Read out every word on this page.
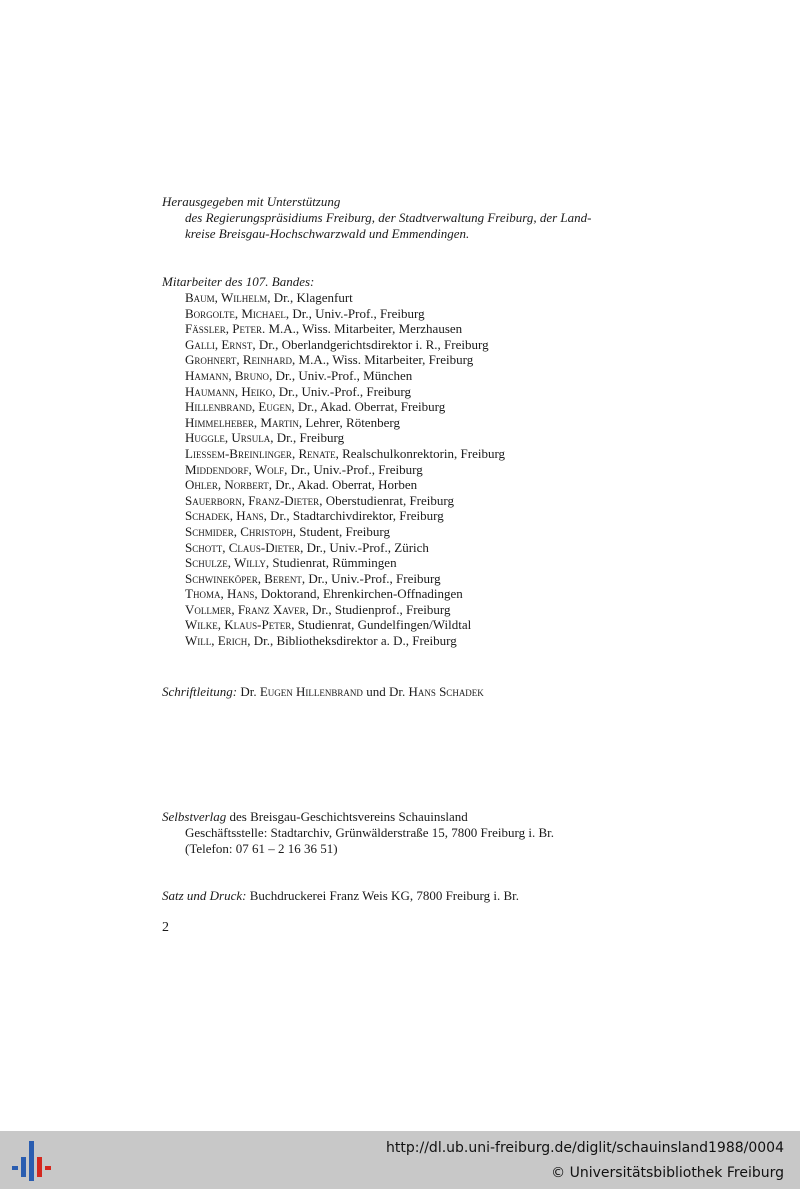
Herausgegeben mit Unterstützung
des Regierungspräsidiums Freiburg, der Stadtverwaltung Freiburg, der Land-
kreise Breisgau-Hochschwarzwald und Emmendingen.
Mitarbeiter des 107. Bandes:
Baum, Wilhelm, Dr., Klagenfurt
Borgolte, Michael, Dr., Univ.-Prof., Freiburg
Fässler, Peter. M.A., Wiss. Mitarbeiter, Merzhausen
Galli, Ernst, Dr., Oberlandgerichtsdirektor i. R., Freiburg
Grohnert, Reinhard, M.A., Wiss. Mitarbeiter, Freiburg
Hamann, Bruno, Dr., Univ.-Prof., München
Haumann, Heiko, Dr., Univ.-Prof., Freiburg
Hillenbrand, Eugen, Dr., Akad. Oberrat, Freiburg
Himmelheber, Martin, Lehrer, Rötenberg
Huggle, Ursula, Dr., Freiburg
Liessem-Breinlinger, Renate, Realschulkonrektorin, Freiburg
Middendorf, Wolf, Dr., Univ.-Prof., Freiburg
Ohler, Norbert, Dr., Akad. Oberrat, Horben
Sauerborn, Franz-Dieter, Oberstudienrat, Freiburg
Schadek, Hans, Dr., Stadtarchivdirektor, Freiburg
Schmider, Christoph, Student, Freiburg
Schott, Claus-Dieter, Dr., Univ.-Prof., Zürich
Schulze, Willy, Studienrat, Rümmingen
Schwineköper, Berent, Dr., Univ.-Prof., Freiburg
Thoma, Hans, Doktorand, Ehrenkirchen-Offnadingen
Vollmer, Franz Xaver, Dr., Studienprof., Freiburg
Wilke, Klaus-Peter, Studienrat, Gundelfingen/Wildtal
Will, Erich, Dr., Bibliotheksdirektor a. D., Freiburg
Schriftleitung: Dr. Eugen Hillenbrand und Dr. Hans Schadek
Selbstverlag des Breisgau-Geschichtsvereins Schauinsland
Geschäftsstelle: Stadtarchiv, Grünwälderstraße 15, 7800 Freiburg i. Br.
(Telefon: 07 61 – 2 16 36 51)
Satz und Druck: Buchdruckerei Franz Weis KG, 7800 Freiburg i. Br.
2
http://dl.ub.uni-freiburg.de/diglit/schauinsland1988/0004
© Universitätsbibliothek Freiburg
